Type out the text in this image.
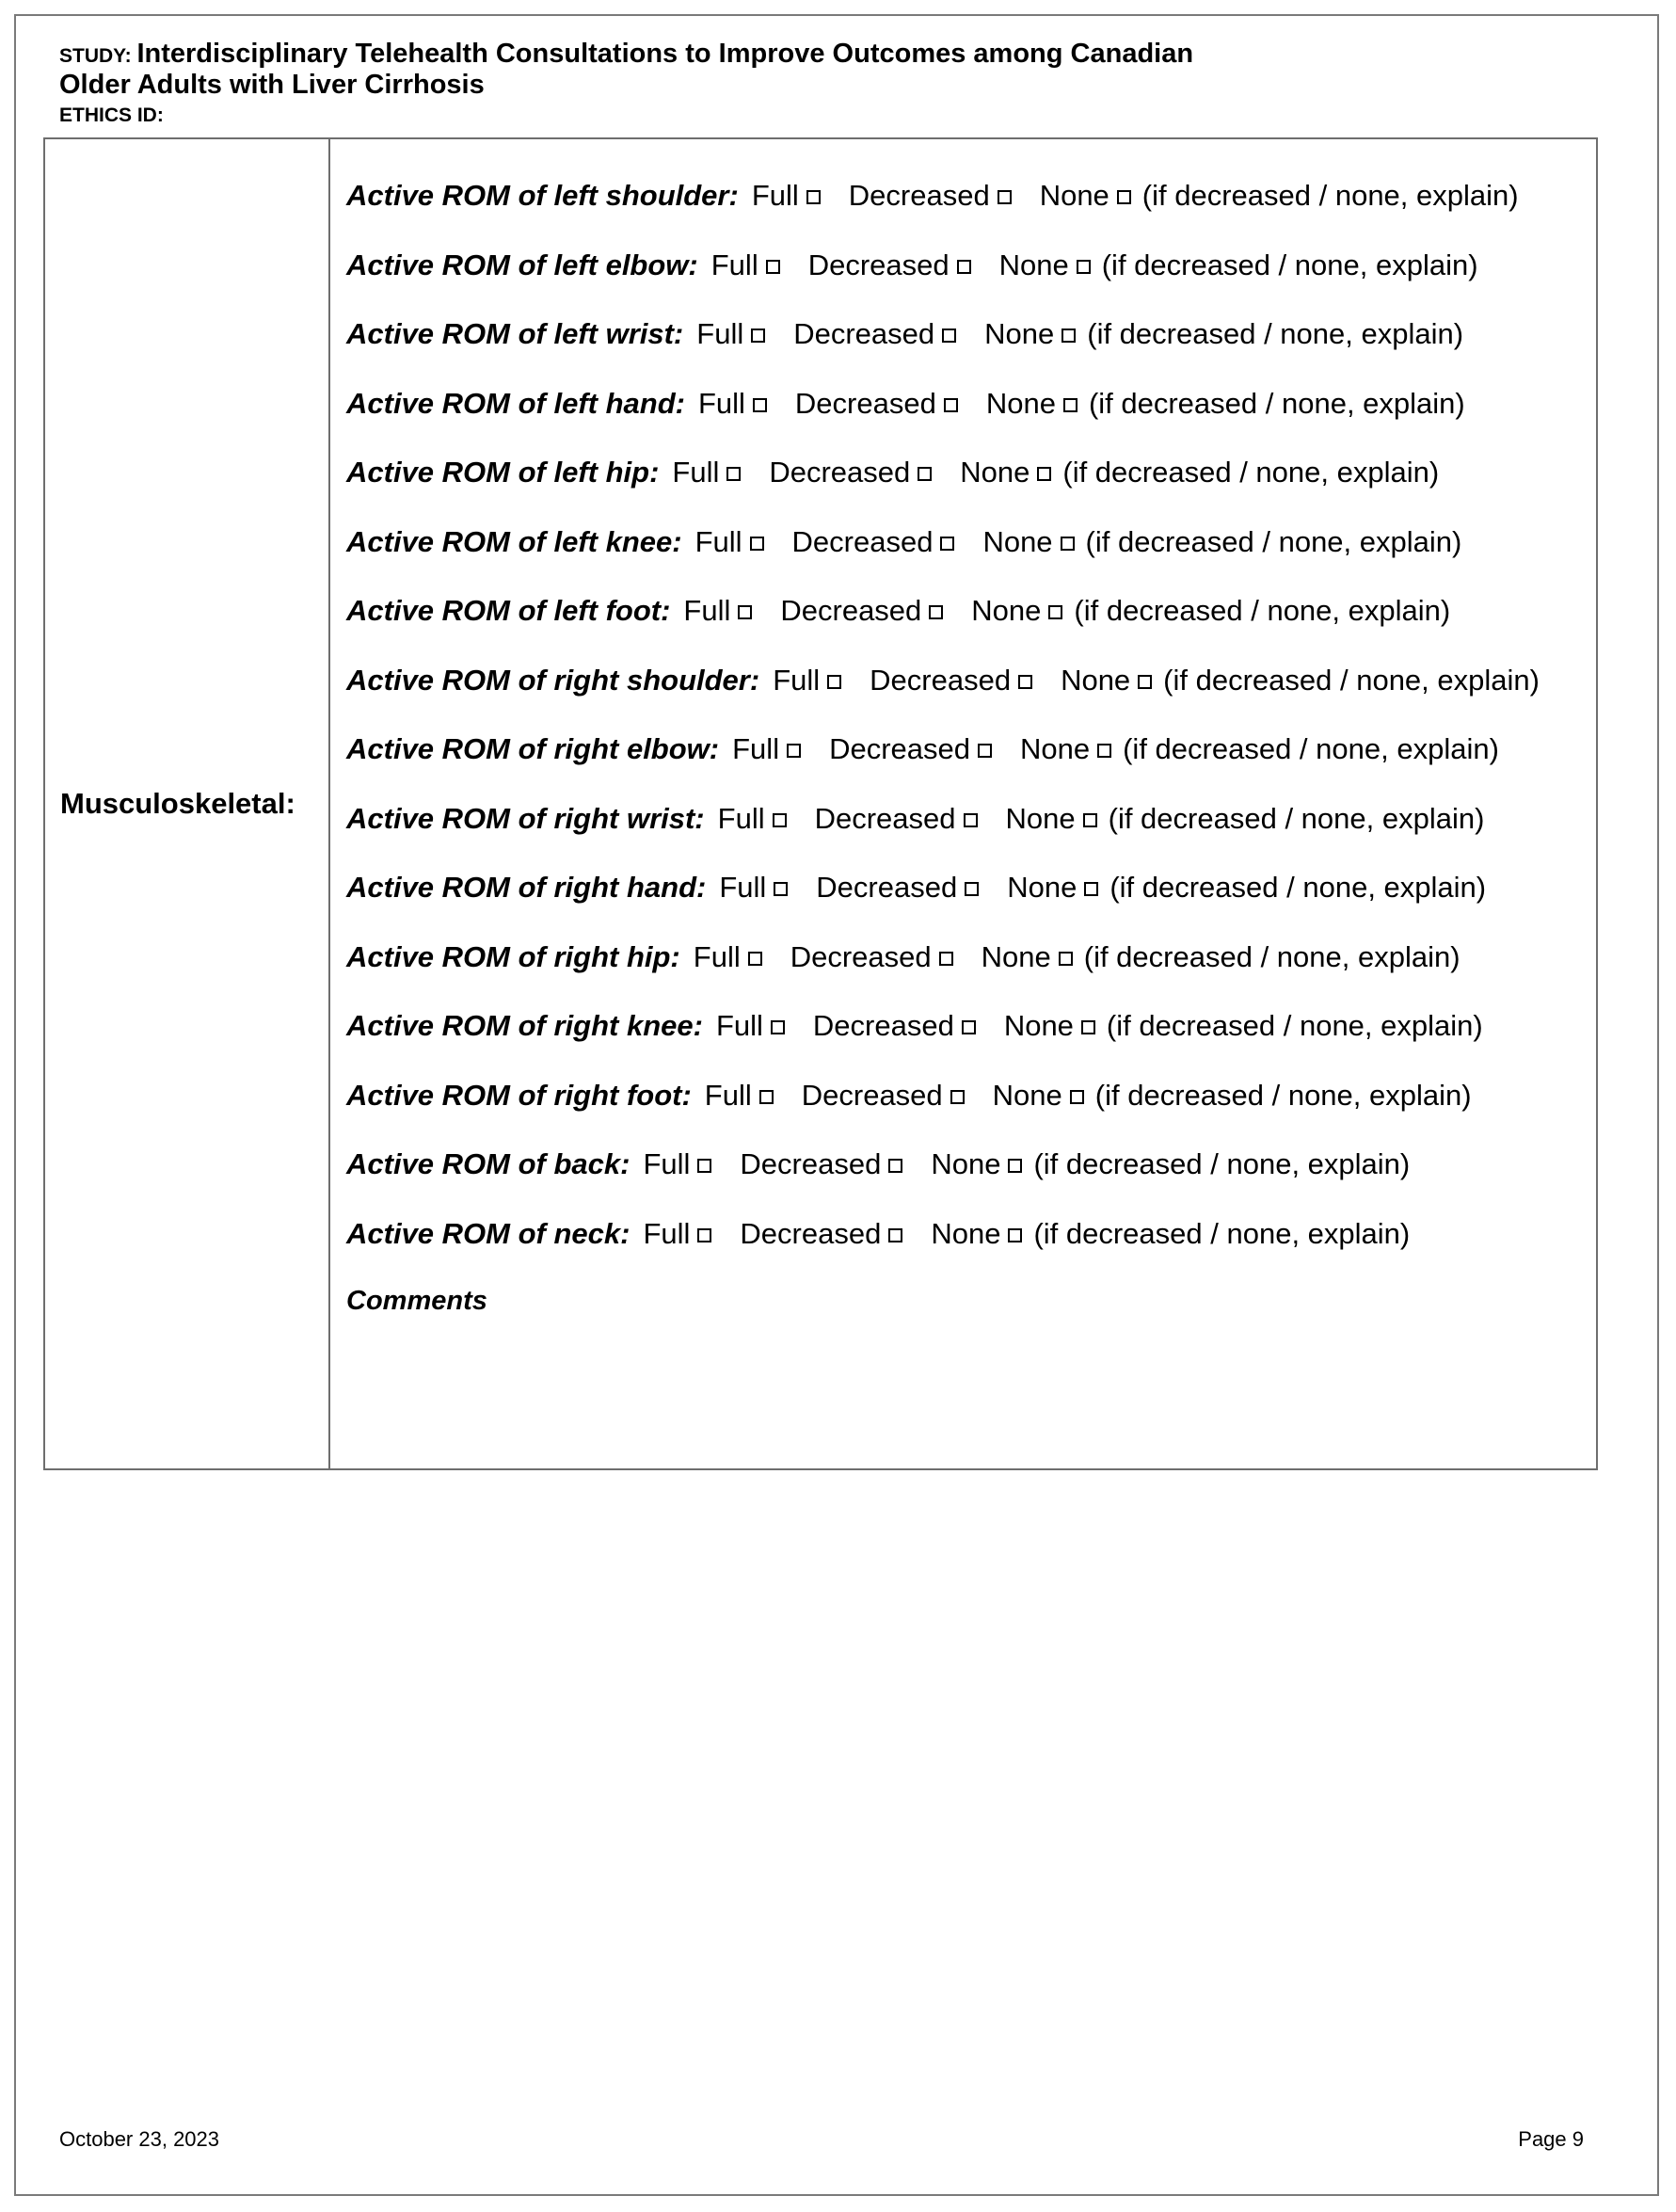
STUDY: Interdisciplinary Telehealth Consultations to Improve Outcomes among Canadian
Older Adults with Liver Cirrhosis
ETHICS ID:
Musculoskeletal:
Active ROM of left shoulder: Full Decreased None (if decreased / none, explain)
Active ROM of left elbow: Full Decreased None (if decreased / none, explain)
Active ROM of left wrist: Full Decreased None (if decreased / none, explain)
Active ROM of left hand: Full Decreased None (if decreased / none, explain)
Active ROM of left hip: Full Decreased None (if decreased / none, explain)
Active ROM of left knee: Full Decreased None (if decreased / none, explain)
Active ROM of left foot: Full Decreased None (if decreased / none, explain)
Active ROM of right shoulder: Full Decreased None (if decreased / none, explain)
Active ROM of right elbow: Full Decreased None (if decreased / none, explain)
Active ROM of right wrist: Full Decreased None (if decreased / none, explain)
Active ROM of right hand: Full Decreased None (if decreased / none, explain)
Active ROM of right hip: Full Decreased None (if decreased / none, explain)
Active ROM of right knee: Full Decreased None (if decreased / none, explain)
Active ROM of right foot: Full Decreased None (if decreased / none, explain)
Active ROM of back: Full Decreased None (if decreased / none, explain)
Active ROM of neck: Full Decreased None (if decreased / none, explain)
Comments
October 23, 2023	Page 9
